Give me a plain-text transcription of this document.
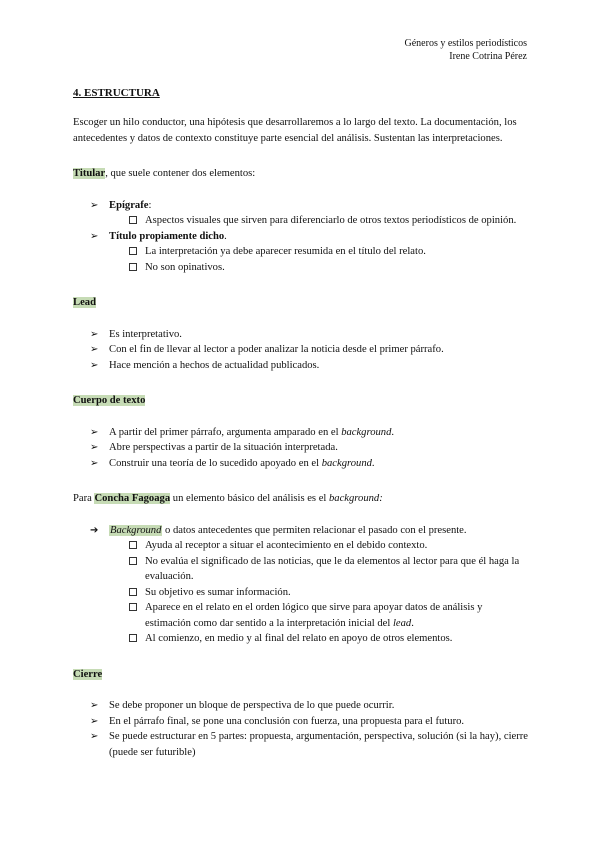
Géneros y estilos periodísticos
Irene Cotrina Pérez

4. ESTRUCTURA

Escoger un hilo conductor, una hipótesis que desarrollaremos a lo largo del texto. La documentación, los antecedentes y datos de contexto constituye parte esencial del análisis. Sustentan las interpretaciones.

Titular, que suele contener dos elementos:

➢ Epígrafe:
Aspectos visuales que sirven para diferenciarlo de otros textos periodísticos de opinión.
➢ Título propiamente dicho.
La interpretación ya debe aparecer resumida en el título del relato.
No son opinativos.

Lead

➢ Es interpretativo.
➢ Con el fin de llevar al lector a poder analizar la noticia desde el primer párrafo.
➢ Hace mención a hechos de actualidad publicados.

Cuerpo de texto

➢ A partir del primer párrafo, argumenta amparado en el background.
➢ Abre perspectivas a partir de la situación interpretada.
➢ Construir una teoría de lo sucedido apoyado en el background.

Para Concha Fagoaga un elemento básico del análisis es el background:

➔ Background o datos antecedentes que permiten relacionar el pasado con el presente.
Ayuda al receptor a situar el acontecimiento en el debido contexto.
No evalúa el significado de las noticias, que le da elementos al lector para que él haga la evaluación.
Su objetivo es sumar información.
Aparece en el relato en el orden lógico que sirve para apoyar datos de análisis y estimación como dar sentido a la interpretación inicial del lead.
Al comienzo, en medio y al final del relato en apoyo de otros elementos.

Cierre

➢ Se debe proponer un bloque de perspectiva de lo que puede ocurrir.
➢ En el párrafo final, se pone una conclusión con fuerza, una propuesta para el futuro.
➢ Se puede estructurar en 5 partes: propuesta, argumentación, perspectiva, solución (si la hay), cierre (puede ser futurible)
